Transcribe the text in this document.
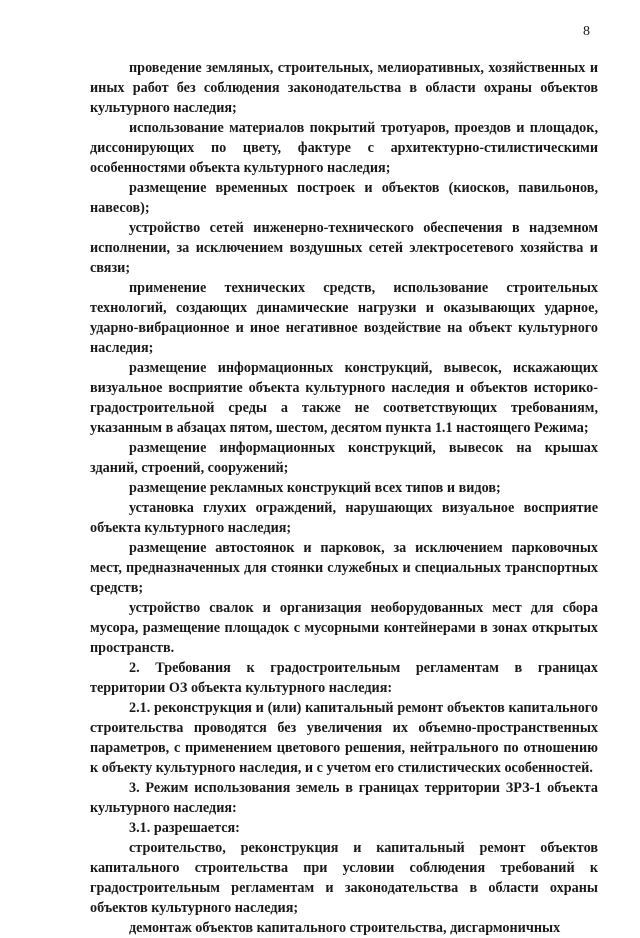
8

проведение земляных, строительных, мелиоративных, хозяйственных и иных работ без соблюдения законодательства в области охраны объектов культурного наследия;

использование материалов покрытий тротуаров, проездов и площадок, диссонирующих по цвету, фактуре с архитектурно-стилистическими особенностями объекта культурного наследия;

размещение временных построек и объектов (киосков, павильонов, навесов);

устройство сетей инженерно-технического обеспечения в надземном исполнении, за исключением воздушных сетей электросетевого хозяйства и связи;

применение технических средств, использование строительных технологий, создающих динамические нагрузки и оказывающих ударное, ударно-вибрационное и иное негативное воздействие на объект культурного наследия;

размещение информационных конструкций, вывесок, искажающих визуальное восприятие объекта культурного наследия и объектов историко-градостроительной среды а также не соответствующих требованиям, указанным в абзацах пятом, шестом, десятом пункта 1.1 настоящего Режима;

размещение информационных конструкций, вывесок на крышах зданий, строений, сооружений;

размещение рекламных конструкций всех типов и видов;

установка глухих ограждений, нарушающих визуальное восприятие объекта культурного наследия;

размещение автостоянок и парковок, за исключением парковочных мест, предназначенных для стоянки служебных и специальных транспортных средств;

устройство свалок и организация необорудованных мест для сбора мусора, размещение площадок с мусорными контейнерами в зонах открытых пространств.

2. Требования к градостроительным регламентам в границах территории ОЗ объекта культурного наследия:

2.1. реконструкция и (или) капитальный ремонт объектов капитального строительства проводятся без увеличения их объемно-пространственных параметров, с применением цветового решения, нейтрального по отношению к объекту культурного наследия, и с учетом его стилистических особенностей.

3. Режим использования земель в границах территории ЗРЗ-1 объекта культурного наследия:

3.1. разрешается:

строительство, реконструкция и капитальный ремонт объектов капитального строительства при условии соблюдения требований к градостроительным регламентам и законодательства в области охраны объектов культурного наследия;

демонтаж объектов капитального строительства, дисгармоничных
